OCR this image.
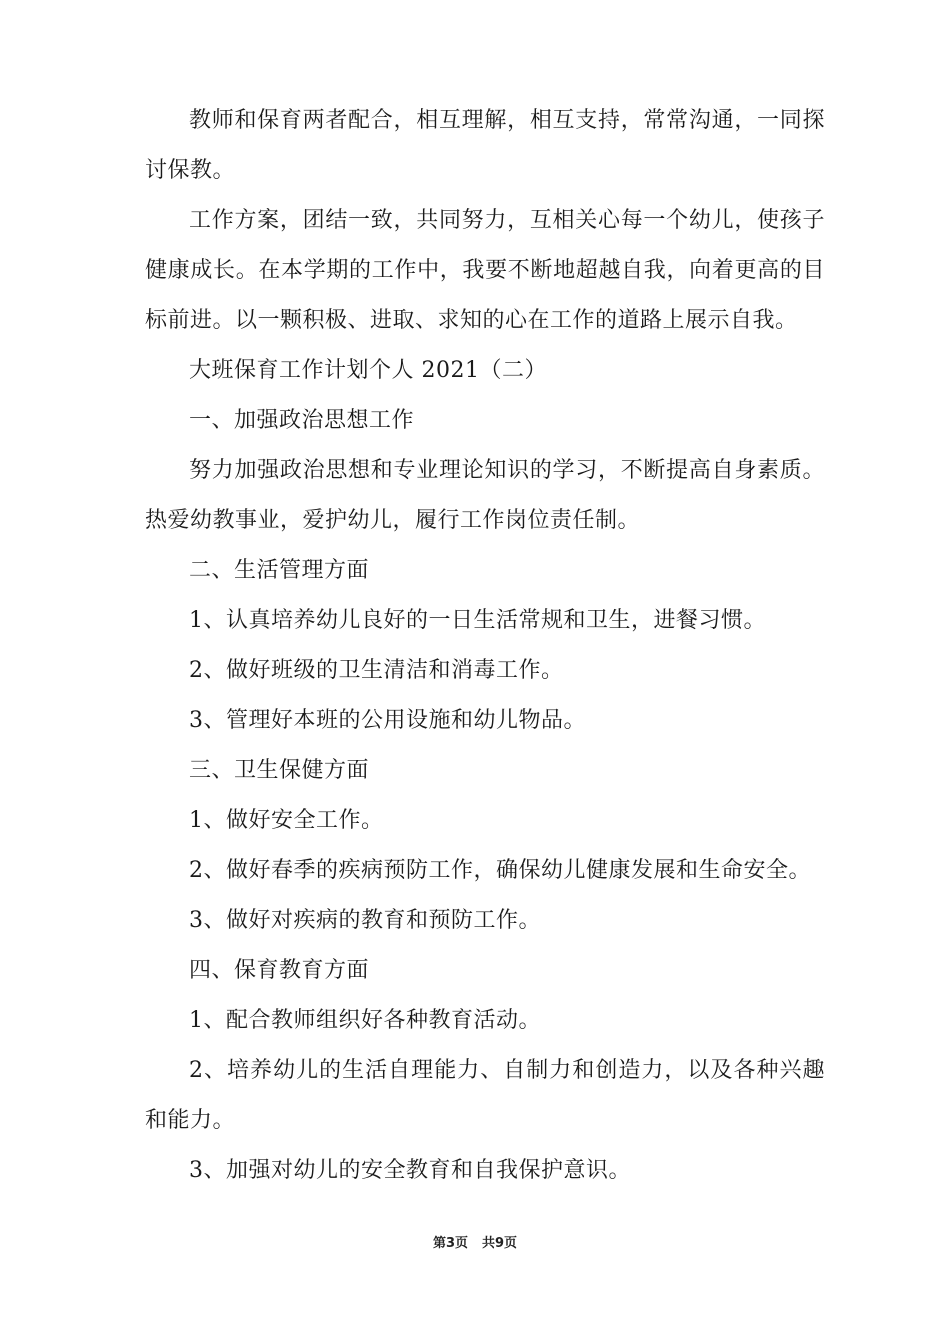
教师和保育两者配合，相互理解，相互支持，常常沟通，一同探讨保教。

工作方案，团结一致，共同努力，互相关心每一个幼儿，使孩子健康成长。在本学期的工作中，我要不断地超越自我，向着更高的目标前进。以一颗积极、进取、求知的心在工作的道路上展示自我。

大班保育工作计划个人 2021（二）

一、加强政治思想工作

努力加强政治思想和专业理论知识的学习，不断提高自身素质。热爱幼教事业，爱护幼儿，履行工作岗位责任制。

二、生活管理方面

1、认真培养幼儿良好的一日生活常规和卫生，进餐习惯。

2、做好班级的卫生清洁和消毒工作。

3、管理好本班的公用设施和幼儿物品。

三、卫生保健方面

1、做好安全工作。

2、做好春季的疾病预防工作，确保幼儿健康发展和生命安全。

3、做好对疾病的教育和预防工作。

四、保育教育方面

1、配合教师组织好各种教育活动。

2、培养幼儿的生活自理能力、自制力和创造力，以及各种兴趣和能力。

3、加强对幼儿的安全教育和自我保护意识。

第3页 共9页
